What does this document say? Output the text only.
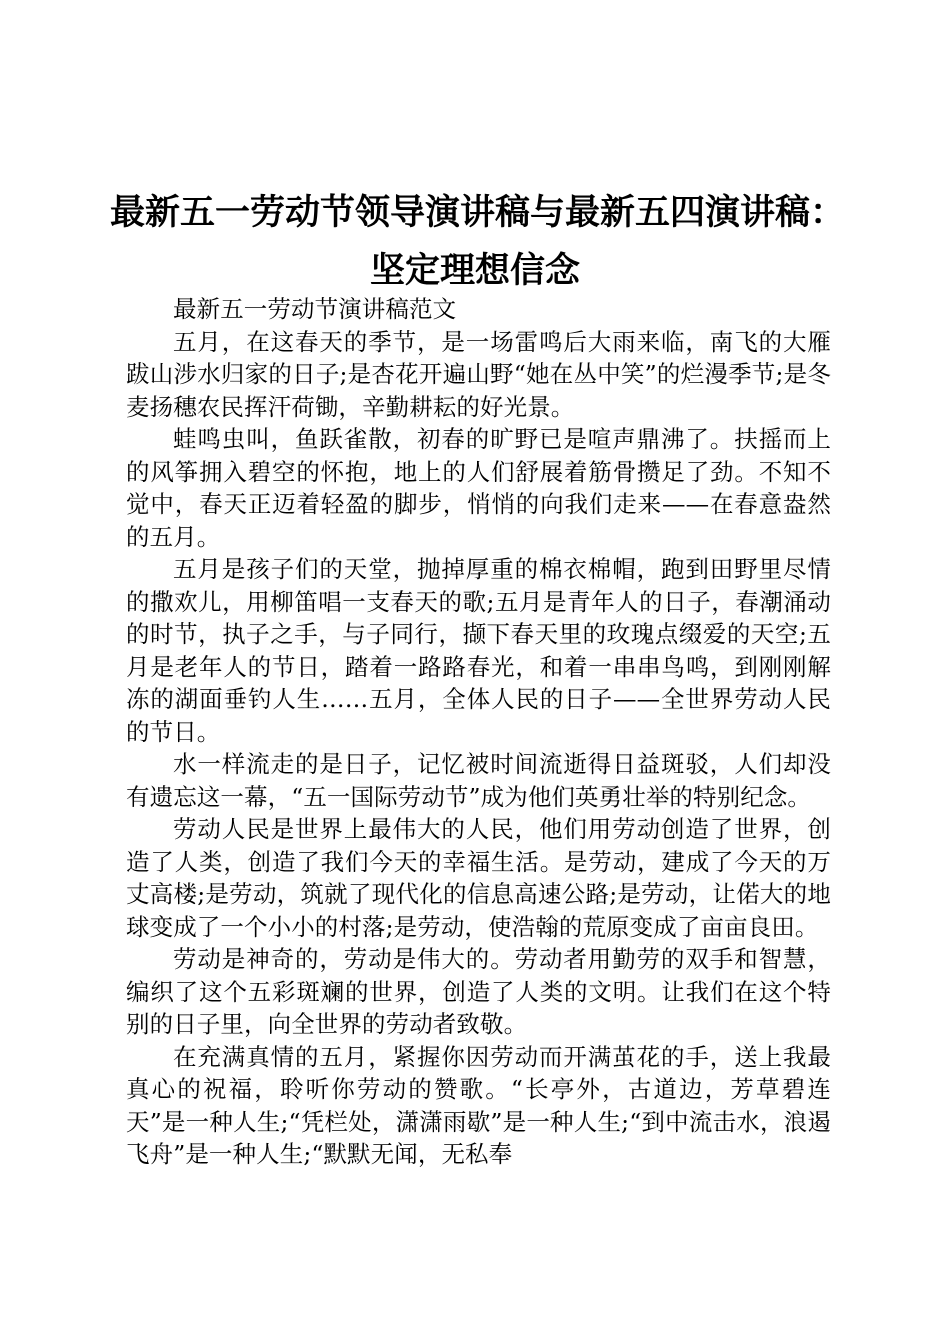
最新五一劳动节领导演讲稿与最新五四演讲稿：
坚定理想信念

最新五一劳动节演讲稿范文

五月，在这春天的季节，是一场雷鸣后大雨来临，南飞的大雁跋山涉水归家的日子;是杏花开遍山野“她在丛中笑”的烂漫季节;是冬麦扬穗农民挥汗荷锄，辛勤耕耘的好光景。

蛙鸣虫叫，鱼跃雀散，初春的旷野已是喧声鼎沸了。扶摇而上的风筝拥入碧空的怀抱，地上的人们舒展着筋骨攒足了劲。不知不觉中，春天正迈着轻盈的脚步，悄悄的向我们走来——在春意盎然的五月。

五月是孩子们的天堂，抛掉厚重的棉衣棉帽，跑到田野里尽情的撒欢儿，用柳笛唱一支春天的歌;五月是青年人的日子，春潮涌动的时节，执子之手，与子同行，撷下春天里的玫瑰点缀爱的天空;五月是老年人的节日，踏着一路路春光，和着一串串鸟鸣，到刚刚解冻的湖面垂钓人生……五月，全体人民的日子——全世界劳动人民的节日。

水一样流走的是日子，记忆被时间流逝得日益斑驳，人们却没有遗忘这一幕，“五一国际劳动节”成为他们英勇壮举的特别纪念。

劳动人民是世界上最伟大的人民，他们用劳动创造了世界，创造了人类，创造了我们今天的幸福生活。是劳动，建成了今天的万丈高楼;是劳动，筑就了现代化的信息高速公路;是劳动，让偌大的地球变成了一个小小的村落;是劳动，使浩翰的荒原变成了亩亩良田。

劳动是神奇的，劳动是伟大的。劳动者用勤劳的双手和智慧，编织了这个五彩斑斓的世界，创造了人类的文明。让我们在这个特别的日子里，向全世界的劳动者致敬。

在充满真情的五月，紧握你因劳动而开满茧花的手，送上我最真心的祝福，聆听你劳动的赞歌。“长亭外，古道边，芳草碧连天”是一种人生;“凭栏处，潇潇雨歇”是一种人生;“到中流击水，浪遏飞舟”是一种人生;“默默无闻，无私奉
